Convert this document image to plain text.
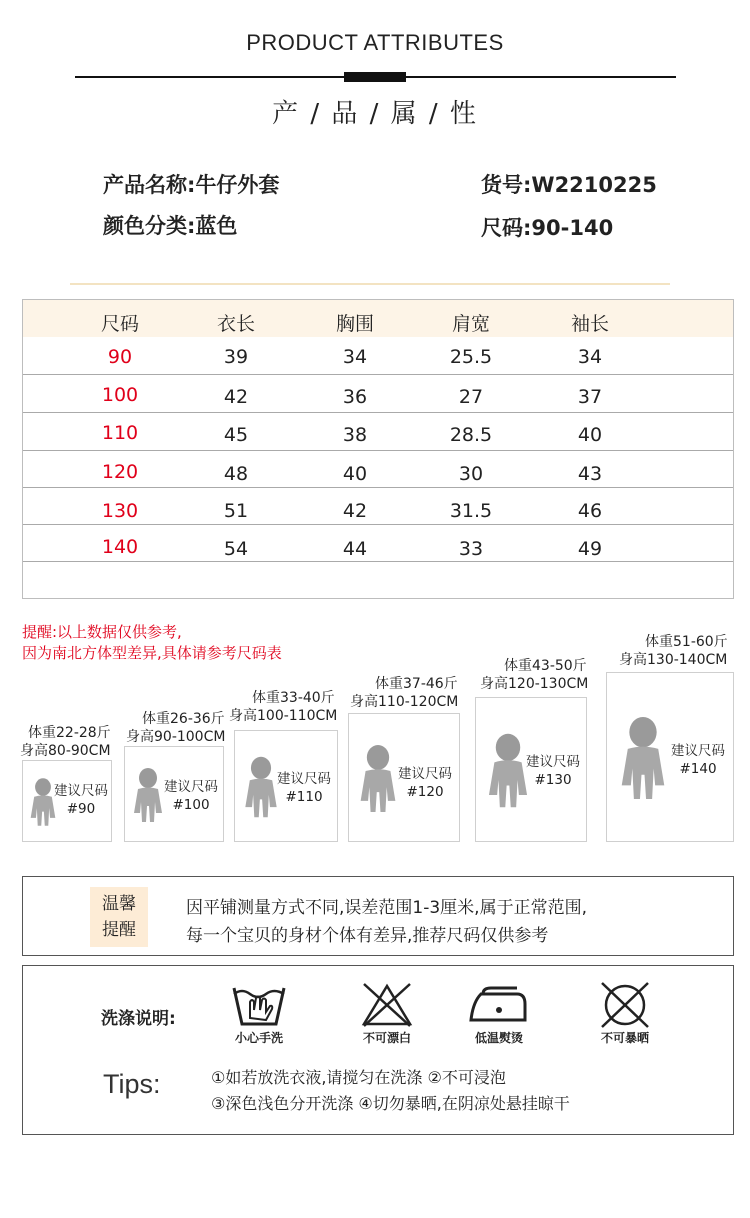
PRODUCT ATTRIBUTES
产 / 品 / 属 / 性
产品名称:牛仔外套	货号:W2210225
颜色分类:蓝色	尺码:90-140
尺码	衣长	胸围	肩宽	袖长
90	39	34	25.5	34
100	42	36	27	37
110	45	38	28.5	40
120	48	40	30	43
130	51	42	31.5	46
140	54	44	33	49
提醒:以上数据仅供参考,
因为南北方体型差异,具体请参考尺码表
体重22-28斤
身高80-90CM
建议尺码
#90
体重26-36斤
身高90-100CM
建议尺码
#100
体重33-40斤
身高100-110CM
建议尺码
#110
体重37-46斤
身高110-120CM
建议尺码
#120
体重43-50斤
身高120-130CM
建议尺码
#130
体重51-60斤
身高130-140CM
建议尺码
#140
温馨
提醒
因平铺测量方式不同,误差范围1-3厘米,属于正常范围,
每一个宝贝的身材个体有差异,推荐尺码仅供参考
洗涤说明:
小心手洗	不可漂白	低温熨烫	不可暴晒
Tips:	①如若放洗衣液,请搅匀在洗涤 ②不可浸泡
③深色浅色分开洗涤 ④切勿暴晒,在阴凉处悬挂晾干
